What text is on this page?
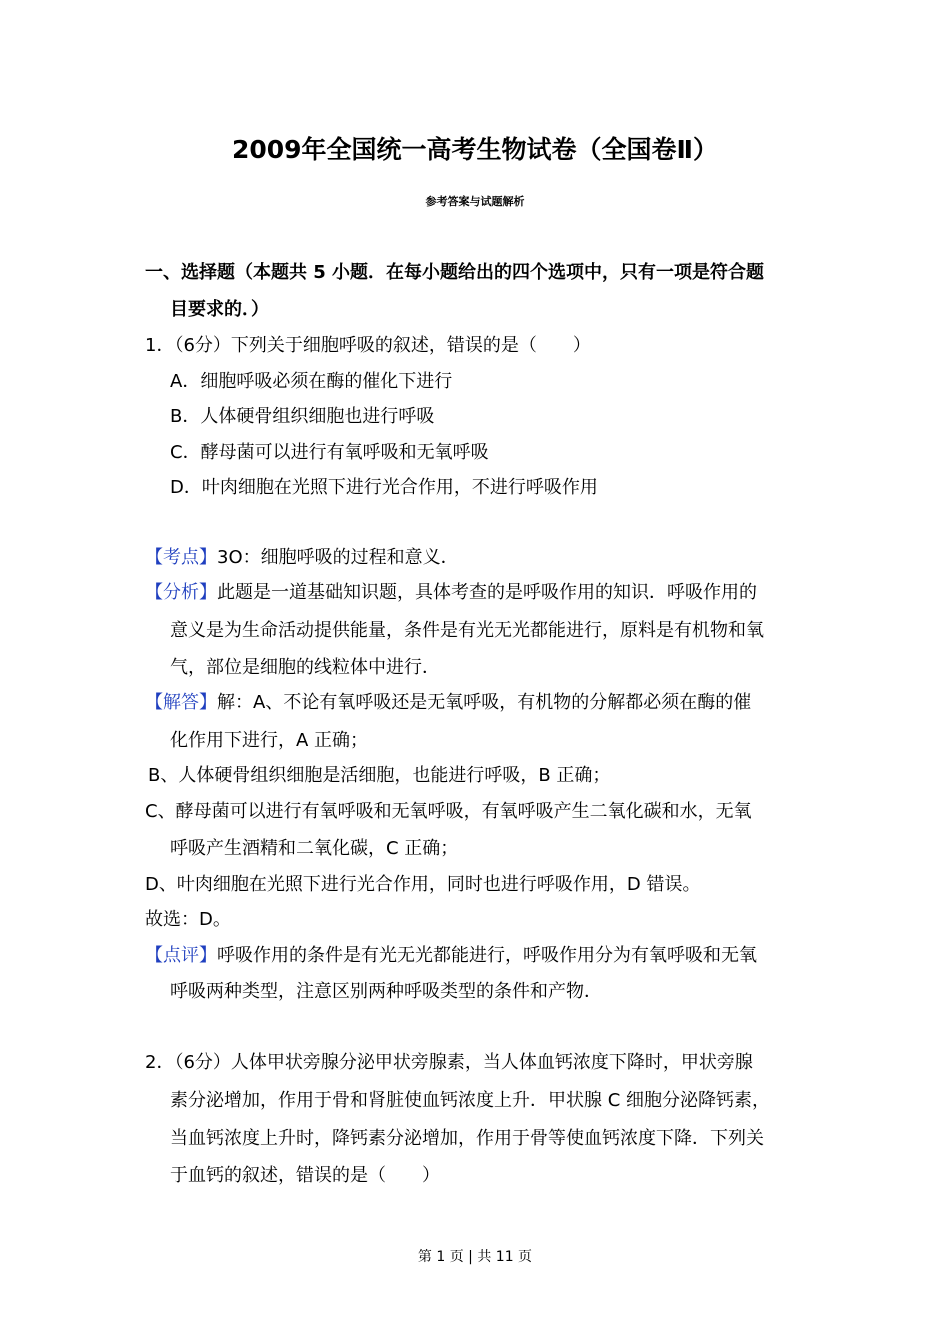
2009年全国统一高考生物试卷（全国卷Ⅱ）
参考答案与试题解析
一、选择题（本题共 5 小题．在每小题给出的四个选项中，只有一项是符合题
目要求的．）
1．（6分）下列关于细胞呼吸的叙述，错误的是（　　）
A．细胞呼吸必须在酶的催化下进行
B．人体硬骨组织细胞也进行呼吸
C．酵母菌可以进行有氧呼吸和无氧呼吸
D．叶肉细胞在光照下进行光合作用，不进行呼吸作用
【考点】3O：细胞呼吸的过程和意义．
【分析】此题是一道基础知识题，具体考查的是呼吸作用的知识．呼吸作用的
意义是为生命活动提供能量，条件是有光无光都能进行，原料是有机物和氧
气，部位是细胞的线粒体中进行．
【解答】解：A、不论有氧呼吸还是无氧呼吸，有机物的分解都必须在酶的催
化作用下进行，A 正确；
B、人体硬骨组织细胞是活细胞，也能进行呼吸，B 正确；
C、酵母菌可以进行有氧呼吸和无氧呼吸，有氧呼吸产生二氧化碳和水，无氧
呼吸产生酒精和二氧化碳，C 正确；
D、叶肉细胞在光照下进行光合作用，同时也进行呼吸作用，D 错误。
故选：D。
【点评】呼吸作用的条件是有光无光都能进行，呼吸作用分为有氧呼吸和无氧
呼吸两种类型，注意区别两种呼吸类型的条件和产物．
2．（6分）人体甲状旁腺分泌甲状旁腺素，当人体血钙浓度下降时，甲状旁腺
素分泌增加，作用于骨和肾脏使血钙浓度上升．甲状腺 C 细胞分泌降钙素，
当血钙浓度上升时，降钙素分泌增加，作用于骨等使血钙浓度下降．下列关
于血钙的叙述，错误的是（　　）
第 1 页 | 共 11 页
